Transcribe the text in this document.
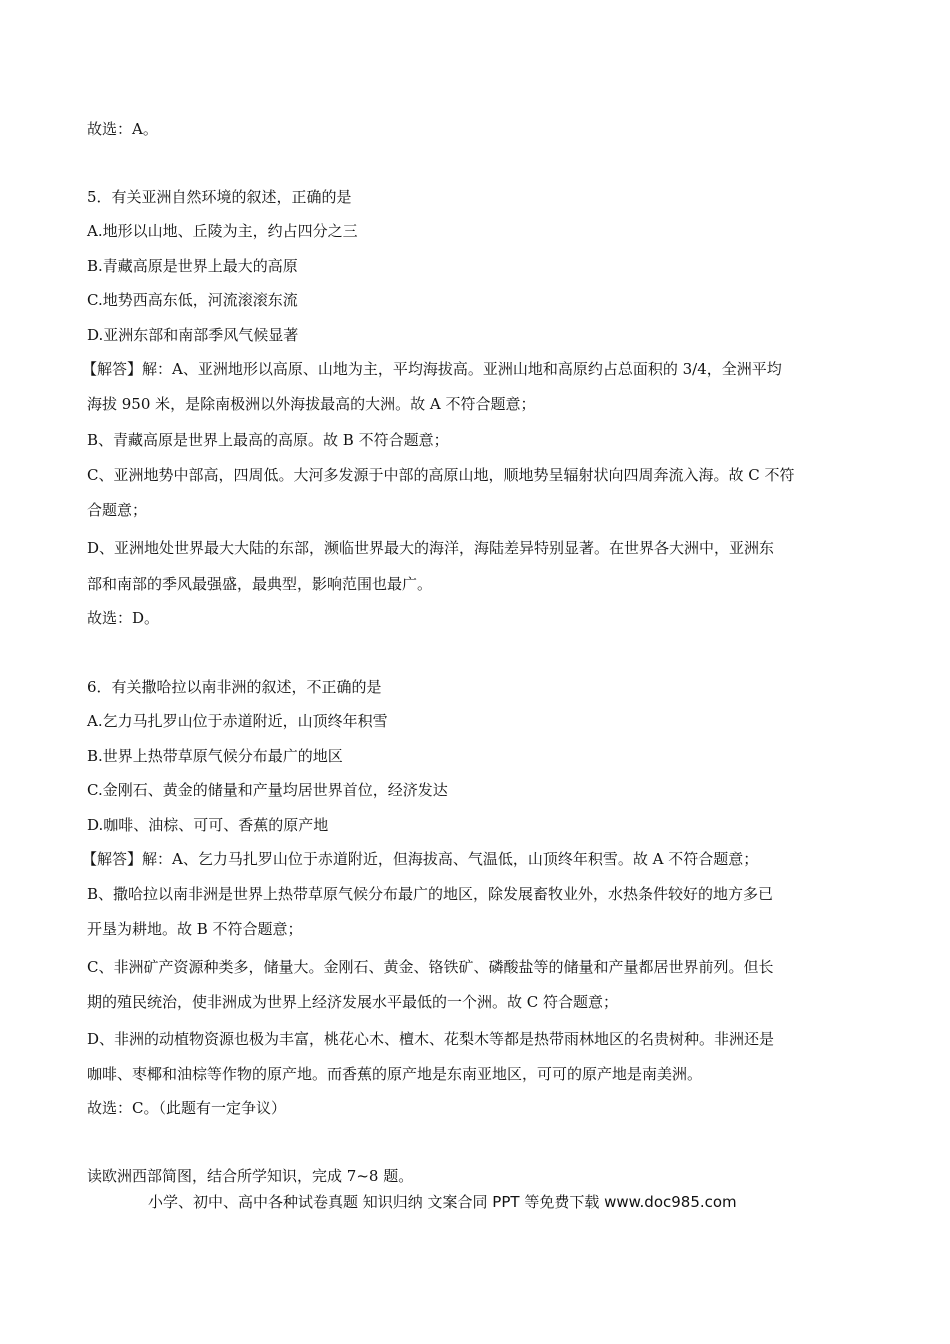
故选：A。
5．有关亚洲自然环境的叙述，正确的是
A.地形以山地、丘陵为主，约占四分之三
B.青藏高原是世界上最大的高原
C.地势西高东低，河流滚滚东流
D.亚洲东部和南部季风气候显著
【解答】解：A、亚洲地形以高原、山地为主，平均海拔高。亚洲山地和高原约占总面积的 3/4，全洲平均
海拔 950 米，是除南极洲以外海拔最高的大洲。故 A 不符合题意；
B、青藏高原是世界上最高的高原。故 B 不符合题意；
C、亚洲地势中部高，四周低。大河多发源于中部的高原山地，顺地势呈辐射状向四周奔流入海。故 C 不符
合题意；
D、亚洲地处世界最大大陆的东部，濒临世界最大的海洋，海陆差异特别显著。在世界各大洲中，亚洲东
部和南部的季风最强盛，最典型，影响范围也最广。
故选：D。
6．有关撒哈拉以南非洲的叙述，不正确的是
A.乞力马扎罗山位于赤道附近，山顶终年积雪
B.世界上热带草原气候分布最广的地区
C.金刚石、黄金的储量和产量均居世界首位，经济发达
D.咖啡、油棕、可可、香蕉的原产地
【解答】解：A、乞力马扎罗山位于赤道附近，但海拔高、气温低，山顶终年积雪。故 A 不符合题意；
B、撒哈拉以南非洲是世界上热带草原气候分布最广的地区，除发展畜牧业外，水热条件较好的地方多已
开垦为耕地。故 B 不符合题意；
C、非洲矿产资源种类多，储量大。金刚石、黄金、铬铁矿、磷酸盐等的储量和产量都居世界前列。但长
期的殖民统治，使非洲成为世界上经济发展水平最低的一个洲。故 C 符合题意；
D、非洲的动植物资源也极为丰富，桃花心木、檀木、花梨木等都是热带雨林地区的名贵树种。非洲还是
咖啡、枣椰和油棕等作物的原产地。而香蕉的原产地是东南亚地区，可可的原产地是南美洲。
故选：C。（此题有一定争议）
读欧洲西部简图，结合所学知识，完成 7~8 题。
小学、初中、高中各种试卷真题 知识归纳 文案合同 PPT 等免费下载 www.doc985.com
